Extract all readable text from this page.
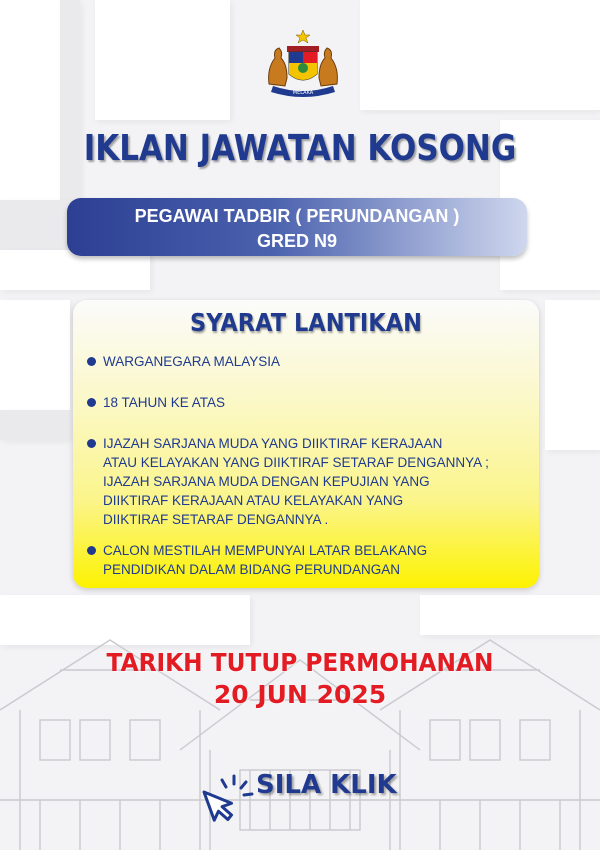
MELAKA
IKLAN JAWATAN KOSONG
PEGAWAI TADBIR ( PERUNDANGAN )
GRED N9
SYARAT LANTIKAN
WARGANEGARA MALAYSIA
18 TAHUN KE ATAS
IJAZAH SARJANA MUDA YANG DIIKTIRAF KERAJAAN
ATAU KELAYAKAN YANG DIIKTIRAF SETARAF DENGANNYA ;
IJAZAH SARJANA MUDA DENGAN KEPUJIAN YANG
DIIKTIRAF KERAJAAN ATAU KELAYAKAN YANG
DIIKTIRAF SETARAF DENGANNYA .
CALON MESTILAH MEMPUNYAI LATAR BELAKANG
PENDIDIKAN DALAM BIDANG PERUNDANGAN
TARIKH TUTUP PERMOHANAN
20 JUN 2025
SILA KLIK
